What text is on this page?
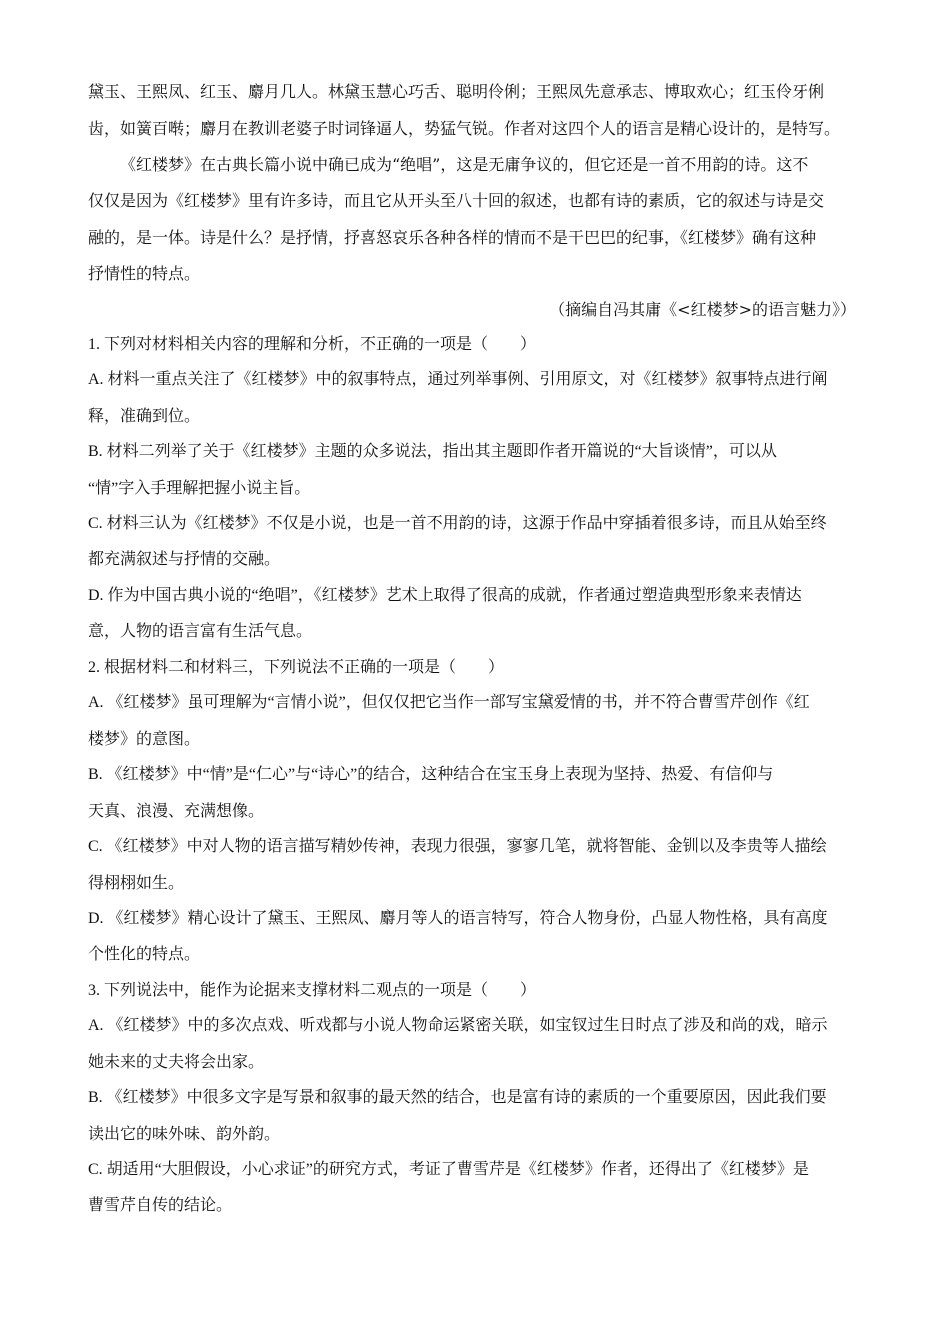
黛玉、王熙凤、红玉、麝月几人。林黛玉慧心巧舌、聪明伶俐；王熙凤先意承志、博取欢心；红玉伶牙俐
齿，如簧百啭；麝月在教训老婆子时词锋逼人，势猛气锐。作者对这四个人的语言是精心设计的，是特写。
《红楼梦》在古典长篇小说中确已成为“绝唱”，这是无庸争议的，但它还是一首不用韵的诗。这不
仅仅是因为《红楼梦》里有许多诗，而且它从开头至八十回的叙述，也都有诗的素质，它的叙述与诗是交
融的，是一体。诗是什么？是抒情，抒喜怒哀乐各种各样的情而不是干巴巴的纪事，《红楼梦》确有这种
抒情性的特点。
（摘编自冯其庸《<红楼梦>的语言魅力》）
1. 下列对材料相关内容的理解和分析，不正确的一项是（　　）
A. 材料一重点关注了《红楼梦》中的叙事特点，通过列举事例、引用原文，对《红楼梦》叙事特点进行阐
释，准确到位。
B. 材料二列举了关于《红楼梦》主题的众多说法，指出其主题即作者开篇说的“大旨谈情”，可以从
“情”字入手理解把握小说主旨。
C. 材料三认为《红楼梦》不仅是小说，也是一首不用韵的诗，这源于作品中穿插着很多诗，而且从始至终
都充满叙述与抒情的交融。
D. 作为中国古典小说的“绝唱”，《红楼梦》艺术上取得了很高的成就，作者通过塑造典型形象来表情达
意，人物的语言富有生活气息。
2. 根据材料二和材料三，下列说法不正确的一项是（　　）
A. 《红楼梦》虽可理解为“言情小说”，但仅仅把它当作一部写宝黛爱情的书，并不符合曹雪芹创作《红
楼梦》的意图。
B. 《红楼梦》中“情”是“仁心”与“诗心”的结合，这种结合在宝玉身上表现为坚持、热爱、有信仰与
天真、浪漫、充满想像。
C. 《红楼梦》中对人物的语言描写精妙传神，表现力很强，寥寥几笔，就将智能、金钏以及李贵等人描绘
得栩栩如生。
D. 《红楼梦》精心设计了黛玉、王熙凤、麝月等人的语言特写，符合人物身份，凸显人物性格，具有高度
个性化的特点。
3. 下列说法中，能作为论据来支撑材料二观点的一项是（　　）
A. 《红楼梦》中的多次点戏、听戏都与小说人物命运紧密关联，如宝钗过生日时点了涉及和尚的戏，暗示
她未来的丈夫将会出家。
B. 《红楼梦》中很多文字是写景和叙事的最天然的结合，也是富有诗的素质的一个重要原因，因此我们要
读出它的味外味、韵外韵。
C. 胡适用“大胆假设，小心求证”的研究方式，考证了曹雪芹是《红楼梦》作者，还得出了《红楼梦》是
曹雪芹自传的结论。
